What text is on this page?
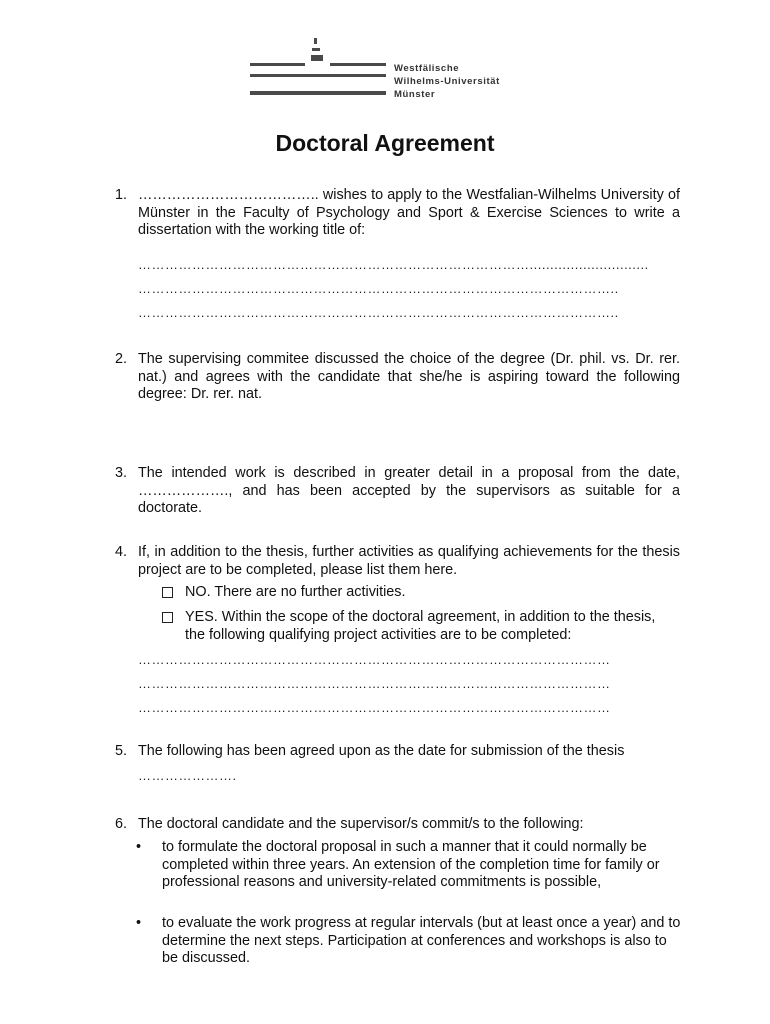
Westfälische
Wilhelms-Universität
Münster
Doctoral Agreement
1. ……………………………….. wishes to apply to the Westfalian-Wilhelms University of Münster in the Faculty of Psychology and Sport & Exercise Sciences to write a dissertation with the working title of:
…………………………………………………………………………….............................
……………………………………………………………………………………………..
……………………………………………………………………………………………..
2. The supervising commitee discussed the choice of the degree (Dr. phil. vs. Dr. rer. nat.) and agrees with the candidate that she/he is aspiring toward the following degree: Dr. rer. nat.
3. The intended work is described in greater detail in a proposal from the date, ………………., and has been accepted by the supervisors as suitable for a doctorate.
4. If, in addition to the thesis, further activities as qualifying achievements for the thesis project are to be completed, please list them here.
NO. There are no further activities.
YES. Within the scope of the doctoral agreement, in addition to the thesis, the following qualifying project activities are to be completed:
……………………………………………………………………………………………
……………………………………………………………………………………………
……………………………………………………………………………………………
5. The following has been agreed upon as the date for submission of the thesis
………………….
6. The doctoral candidate and the supervisor/s commit/s to the following:
• to formulate the doctoral proposal in such a manner that it could normally be completed within three years. An extension of the completion time for family or professional reasons and university-related commitments is possible,
• to evaluate the work progress at regular intervals (but at least once a year) and to determine the next steps. Participation at conferences and workshops is also to be discussed.
